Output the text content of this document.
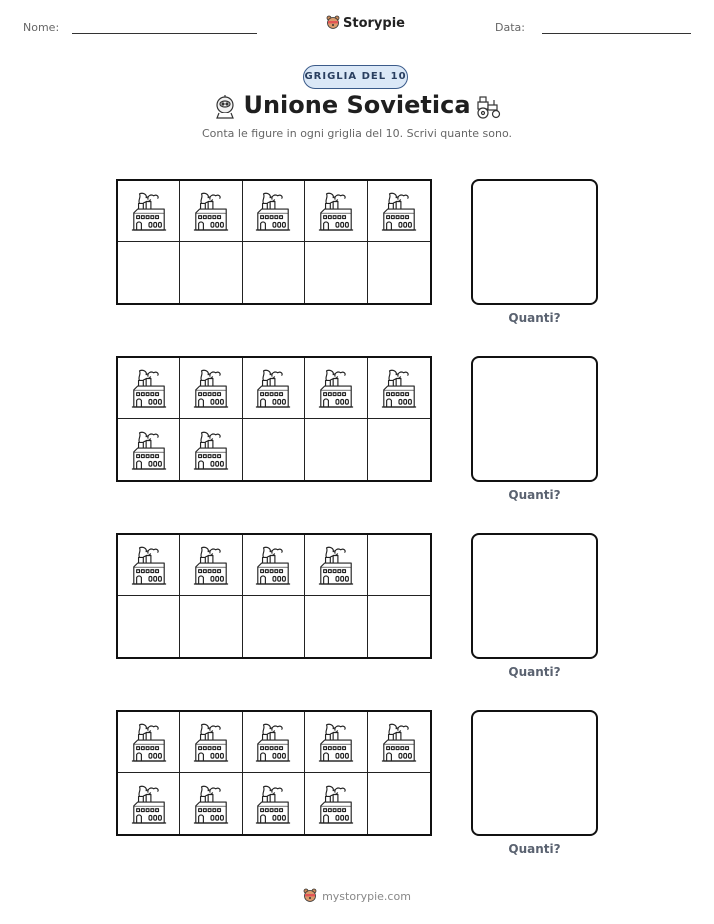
Nome:	Storypie	Data:
GRIGLIA DEL 10
Unione Sovietica
Conta le figure in ogni griglia del 10. Scrivi quante sono.
Quanti?
Quanti?
Quanti?
Quanti?
mystorypie.com
